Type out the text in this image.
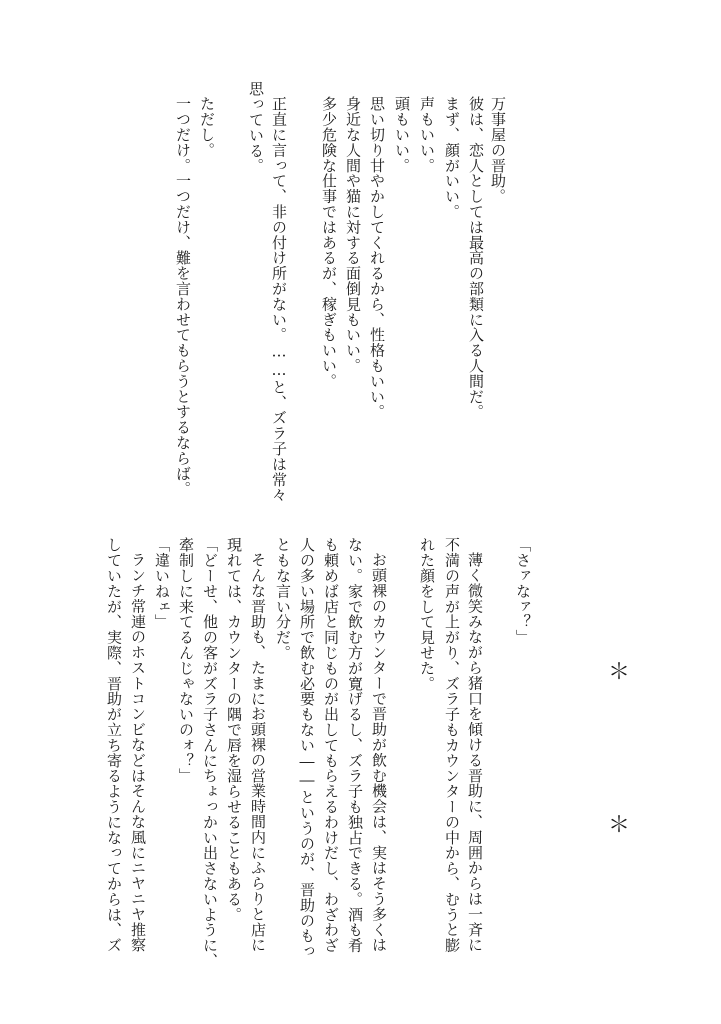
万事屋の晋助。
彼は、恋人としては最高の部類に入る人間だ。
まず、顔がいい。
声もいい。
頭もいい。
思い切り甘やかしてくれるから、性格もいい。
身近な人間や猫に対する面倒見もいい。
多少危険な仕事ではあるが、稼ぎもいい。
正直に言って、非の付け所がない。……と、ズラ子は常々
思っている。
ただし。
一つだけ。一つだけ、難を言わせてもらうとするならば。
＊
＊
「さァなァ？」
薄く微笑みながら猪口を傾ける晋助に、周囲からは一斉に
不満の声が上がり、ズラ子もカウンターの中から、むうと膨
れた顔をして見せた。
お頭裸のカウンターで晋助が飲む機会は、実はそう多くは
ない。家で飲む方が寛げるし、ズラ子も独占できる。酒も肴
も頼めば店と同じものが出してもらえるわけだし、わざわざ
人の多い場所で飲む必要もない――というのが、晋助のもっ
ともな言い分だ。
そんな晋助も、たまにお頭裸の営業時間内にふらりと店に
現れては、カウンターの隅で唇を湿らせることもある。
「どーせ、他の客がズラ子さんにちょっかい出さないように、
牽制しに来てるんじゃないのォ？」
「違いねェ」
ランチ常連のホストコンビなどはそんな風にニヤニヤ推察
していたが、実際、晋助が立ち寄るようになってからは、ズ
